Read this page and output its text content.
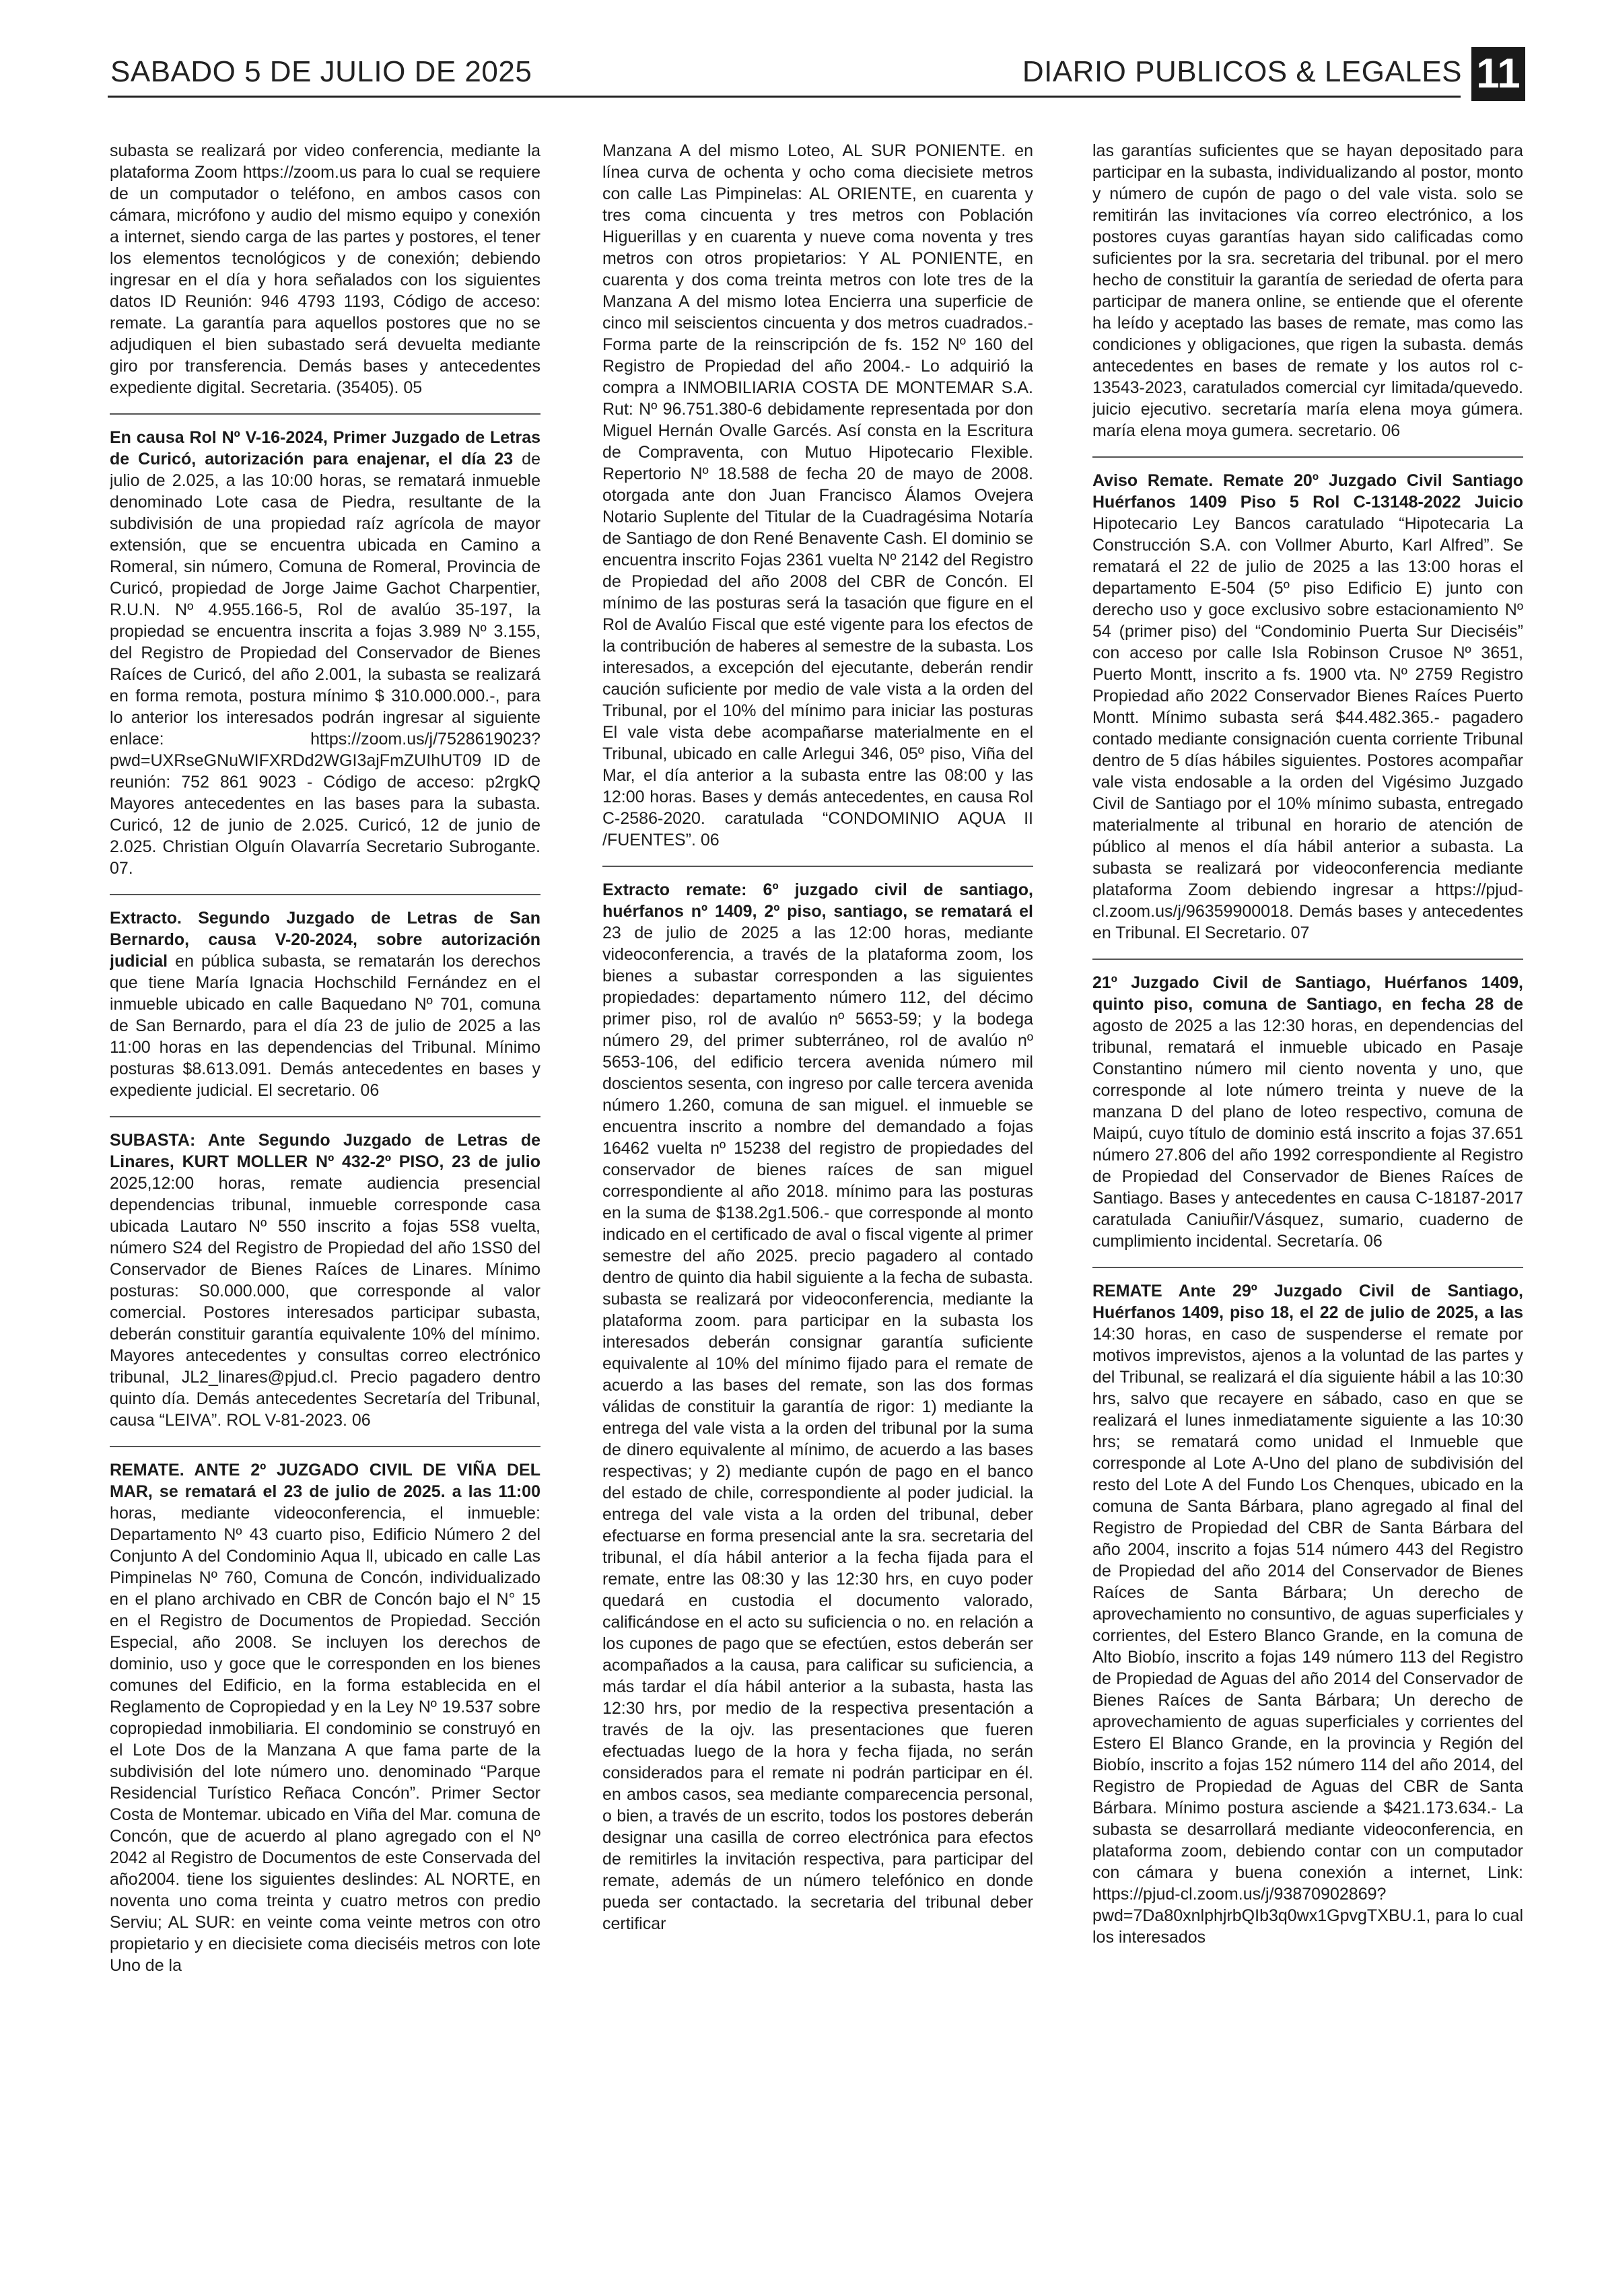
SABADO 5 DE JULIO DE 2025	DIARIO PUBLICOS & LEGALES 11

subasta se realizará por video conferencia, mediante la plataforma Zoom https://zoom.us para lo cual se requiere de un computador o teléfono, en ambos casos con cámara, micrófono y audio del mismo equipo y conexión a internet, siendo carga de las partes y postores, el tener los elementos tecnológicos y de conexión; debiendo ingresar en el día y hora señalados con los siguientes datos ID Reunión: 946 4793 1193, Código de acceso: remate. La garantía para aquellos postores que no se adjudiquen el bien subastado será devuelta mediante giro por transferencia. Demás bases y antecedentes expediente digital. Secretaria. (35405). 05

En causa Rol Nº V-16-2024, Primer Juzgado de Letras de Curicó, autorización para enajenar, el día 23 de julio de 2.025, a las 10:00 horas, se rematará inmueble denominado Lote casa de Piedra, resultante de la subdivisión de una propiedad raíz agrícola de mayor extensión, que se encuentra ubicada en Camino a Romeral, sin número, Comuna de Romeral, Provincia de Curicó, propiedad de Jorge Jaime Gachot Charpentier, R.U.N. Nº 4.955.166-5, Rol de avalúo 35-197, la propiedad se encuentra inscrita a fojas 3.989 Nº 3.155, del Registro de Propiedad del Conservador de Bienes Raíces de Curicó, del año 2.001, la subasta se realizará en forma remota, postura mínimo $ 310.000.000.-, para lo anterior los interesados podrán ingresar al siguiente enlace: https://zoom.us/j/7528619023?pwd=UXRseGNuWIFXRDd2WGI3ajFmZUIhUT09 ID de reunión: 752 861 9023 - Código de acceso: p2rgkQ Mayores antecedentes en las bases para la subasta. Curicó, 12 de junio de 2.025. Curicó, 12 de junio de 2.025. Christian Olguín Olavarría Secretario Subrogante. 07.

Extracto. Segundo Juzgado de Letras de San Bernardo, causa V-20-2024, sobre autorización judicial en pública subasta, se rematarán los derechos que tiene María Ignacia Hochschild Fernández en el inmueble ubicado en calle Baquedano Nº 701, comuna de San Bernardo, para el día 23 de julio de 2025 a las 11:00 horas en las dependencias del Tribunal. Mínimo posturas $8.613.091. Demás antecedentes en bases y expediente judicial. El secretario. 06

SUBASTA: Ante Segundo Juzgado de Letras de Linares, KURT MOLLER Nº 432-2º PISO, 23 de julio 2025,12:00 horas, remate audiencia presencial dependencias tribunal, inmueble corresponde casa ubicada Lautaro Nº 550 inscrito a fojas 5S8 vuelta, número S24 del Registro de Propiedad del año 1SS0 del Conservador de Bienes Raíces de Linares. Mínimo posturas: S0.000.000, que corresponde al valor comercial. Postores interesados participar subasta, deberán constituir garantía equivalente 10% del mínimo. Mayores antecedentes y consultas correo electrónico tribunal, JL2_linares@pjud.cl. Precio pagadero dentro quinto día. Demás antecedentes Secretaría del Tribunal, causa “LEIVA”. ROL V-81-2023. 06

REMATE. ANTE 2º JUZGADO CIVIL DE VIÑA DEL MAR, se rematará el 23 de julio de 2025. a las 11:00 horas, mediante videoconferencia, el inmueble: Departamento Nº 43 cuarto piso, Edificio Número 2 del Conjunto A del Condominio Aqua ll, ubicado en calle Las Pimpinelas Nº 760, Comuna de Concón, individualizado en el plano archivado en CBR de Concón bajo el N° 15 en el Registro de Documentos de Propiedad. Sección Especial, año 2008. Se incluyen los derechos de dominio, uso y goce que le corresponden en los bienes comunes del Edificio, en la forma establecida en el Reglamento de Copropiedad y en la Ley Nº 19.537 sobre copropiedad inmobiliaria. El condominio se construyó en el Lote Dos de la Manzana A que fama parte de la subdivisión del lote número uno. denominado “Parque Residencial Turístico Reñaca Concón”. Primer Sector Costa de Montemar. ubicado en Viña del Mar. comuna de Concón, que de acuerdo al plano agregado con el Nº 2042 al Registro de Documentos de este Conservada del año2004. tiene los siguientes deslindes: AL NORTE, en noventa uno coma treinta y cuatro metros con predio Serviu; AL SUR: en veinte coma veinte metros con otro propietario y en diecisiete coma dieciséis metros con lote Uno de la

Manzana A del mismo Loteo, AL SUR PONIENTE. en línea curva de ochenta y ocho coma diecisiete metros con calle Las Pimpinelas: AL ORIENTE, en cuarenta y tres coma cincuenta y tres metros con Población Higuerillas y en cuarenta y nueve coma noventa y tres metros con otros propietarios: Y AL PONIENTE, en cuarenta y dos coma treinta metros con lote tres de la Manzana A del mismo lotea Encierra una superficie de cinco mil seiscientos cincuenta y dos metros cuadrados.- Forma parte de la reinscripción de fs. 152 Nº 160 del Registro de Propiedad del año 2004.- Lo adquirió la compra a INMOBILIARIA COSTA DE MONTEMAR S.A. Rut: Nº 96.751.380-6 debidamente representada por don Miguel Hernán Ovalle Garcés. Así consta en la Escritura de Compraventa, con Mutuo Hipotecario Flexible. Repertorio Nº 18.588 de fecha 20 de mayo de 2008. otorgada ante don Juan Francisco Álamos Ovejera Notario Suplente del Titular de la Cuadragésima Notaría de Santiago de don René Benavente Cash. El dominio se encuentra inscrito Fojas 2361 vuelta Nº 2142 del Registro de Propiedad del año 2008 del CBR de Concón. El mínimo de las posturas será la tasación que figure en el Rol de Avalúo Fiscal que esté vigente para los efectos de la contribución de haberes al semestre de la subasta. Los interesados, a excepción del ejecutante, deberán rendir caución suficiente por medio de vale vista a la orden del Tribunal, por el 10% del mínimo para iniciar las posturas El vale vista debe acompañarse materialmente en el Tribunal, ubicado en calle Arlegui 346, 05º piso, Viña del Mar, el día anterior a la subasta entre las 08:00 y las 12:00 horas. Bases y demás antecedentes, en causa Rol C-2586-2020. caratulada “CONDOMINIO AQUA II /FUENTES”. 06

Extracto remate: 6º juzgado civil de santiago, huérfanos nº 1409, 2º piso, santiago, se rematará el 23 de julio de 2025 a las 12:00 horas, mediante videoconferencia, a través de la plataforma zoom, los bienes a subastar corresponden a las siguientes propiedades: departamento número 112, del décimo primer piso, rol de avalúo nº 5653-59; y la bodega número 29, del primer subterráneo, rol de avalúo nº 5653-106, del edificio tercera avenida número mil doscientos sesenta, con ingreso por calle tercera avenida número 1.260, comuna de san miguel. el inmueble se encuentra inscrito a nombre del demandado a fojas 16462 vuelta nº 15238 del registro de propiedades del conservador de bienes raíces de san miguel correspondiente al año 2018. mínimo para las posturas en la suma de $138.2g1.506.- que corresponde al monto indicado en el certificado de aval o fiscal vigente al primer semestre del año 2025. precio pagadero al contado dentro de quinto dia habil siguiente a la fecha de subasta. subasta se realizará por videoconferencia, mediante la plataforma zoom. para participar en la subasta los interesados deberán consignar garantía suficiente equivalente al 10% del mínimo fijado para el remate de acuerdo a las bases del remate, son las dos formas válidas de constituir la garantía de rigor: 1) mediante la entrega del vale vista a la orden del tribunal por la suma de dinero equivalente al mínimo, de acuerdo a las bases respectivas; y 2) mediante cupón de pago en el banco del estado de chile, correspondiente al poder judicial. la entrega del vale vista a la orden del tribunal, deber efectuarse en forma presencial ante la sra. secretaria del tribunal, el día hábil anterior a la fecha fijada para el remate, entre las 08:30 y las 12:30 hrs, en cuyo poder quedará en custodia el documento valorado, calificándose en el acto su suficiencia o no. en relación a los cupones de pago que se efectúen, estos deberán ser acompañados a la causa, para calificar su suficiencia, a más tardar el día hábil anterior a la subasta, hasta las 12:30 hrs, por medio de la respectiva presentación a través de la ojv. las presentaciones que fueren efectuadas luego de la hora y fecha fijada, no serán considerados para el remate ni podrán participar en él. en ambos casos, sea mediante comparecencia personal, o bien, a través de un escrito, todos los postores deberán designar una casilla de correo electrónica para efectos de remitirles la invitación respectiva, para participar del remate, además de un número telefónico en donde pueda ser contactado. la secretaria del tribunal deber certificar

las garantías suficientes que se hayan depositado para participar en la subasta, individualizando al postor, monto y número de cupón de pago o del vale vista. solo se remitirán las invitaciones vía correo electrónico, a los postores cuyas garantías hayan sido calificadas como suficientes por la sra. secretaria del tribunal. por el mero hecho de constituir la garantía de seriedad de oferta para participar de manera online, se entiende que el oferente ha leído y aceptado las bases de remate, mas como las condiciones y obligaciones, que rigen la subasta. demás antecedentes en bases de remate y los autos rol c-13543-2023, caratulados comercial cyr limitada/quevedo. juicio ejecutivo. secretaría maría elena moya gúmera. maría elena moya gumera. secretario. 06

Aviso Remate. Remate 20º Juzgado Civil Santiago Huérfanos 1409 Piso 5 Rol C-13148-2022 Juicio Hipotecario Ley Bancos caratulado “Hipotecaria La Construcción S.A. con Vollmer Aburto, Karl Alfred”. Se rematará el 22 de julio de 2025 a las 13:00 horas el departamento E-504 (5º piso Edificio E) junto con derecho uso y goce exclusivo sobre estacionamiento Nº 54 (primer piso) del “Condominio Puerta Sur Dieciséis” con acceso por calle Isla Robinson Crusoe Nº 3651, Puerto Montt, inscrito a fs. 1900 vta. Nº 2759 Registro Propiedad año 2022 Conservador Bienes Raíces Puerto Montt. Mínimo subasta será $44.482.365.- pagadero contado mediante consignación cuenta corriente Tribunal dentro de 5 días hábiles siguientes. Postores acompañar vale vista endosable a la orden del Vigésimo Juzgado Civil de Santiago por el 10% mínimo subasta, entregado materialmente al tribunal en horario de atención de público al menos el día hábil anterior a subasta. La subasta se realizará por videoconferencia mediante plataforma Zoom debiendo ingresar a https://pjud-cl.zoom.us/j/96359900018. Demás bases y antecedentes en Tribunal. El Secretario. 07

21º Juzgado Civil de Santiago, Huérfanos 1409, quinto piso, comuna de Santiago, en fecha 28 de agosto de 2025 a las 12:30 horas, en dependencias del tribunal, rematará el inmueble ubicado en Pasaje Constantino número mil ciento noventa y uno, que corresponde al lote número treinta y nueve de la manzana D del plano de loteo respectivo, comuna de Maipú, cuyo título de dominio está inscrito a fojas 37.651 número 27.806 del año 1992 correspondiente al Registro de Propiedad del Conservador de Bienes Raíces de Santiago. Bases y antecedentes en causa C-18187-2017 caratulada Caniuñir/Vásquez, sumario, cuaderno de cumplimiento incidental. Secretaría. 06

REMATE Ante 29º Juzgado Civil de Santiago, Huérfanos 1409, piso 18, el 22 de julio de 2025, a las 14:30 horas, en caso de suspenderse el remate por motivos imprevistos, ajenos a la voluntad de las partes y del Tribunal, se realizará el día siguiente hábil a las 10:30 hrs, salvo que recayere en sábado, caso en que se realizará el lunes inmediatamente siguiente a las 10:30 hrs; se rematará como unidad el Inmueble que corresponde al Lote A-Uno del plano de subdivisión del resto del Lote A del Fundo Los Chenques, ubicado en la comuna de Santa Bárbara, plano agregado al final del Registro de Propiedad del CBR de Santa Bárbara del año 2004, inscrito a fojas 514 número 443 del Registro de Propiedad del año 2014 del Conservador de Bienes Raíces de Santa Bárbara; Un derecho de aprovechamiento no consuntivo, de aguas superficiales y corrientes, del Estero Blanco Grande, en la comuna de Alto Biobío, inscrito a fojas 149 número 113 del Registro de Propiedad de Aguas del año 2014 del Conservador de Bienes Raíces de Santa Bárbara; Un derecho de aprovechamiento de aguas superficiales y corrientes del Estero El Blanco Grande, en la provincia y Región del Biobío, inscrito a fojas 152 número 114 del año 2014, del Registro de Propiedad de Aguas del CBR de Santa Bárbara. Mínimo postura asciende a $421.173.634.- La subasta se desarrollará mediante videoconferencia, en plataforma zoom, debiendo contar con un computador con cámara y buena conexión a internet, Link: https://pjud-cl.zoom.us/j/93870902869?pwd=7Da80xnlphjrbQIb3q0wx1GpvgTXBU.1, para lo cual los interesados
